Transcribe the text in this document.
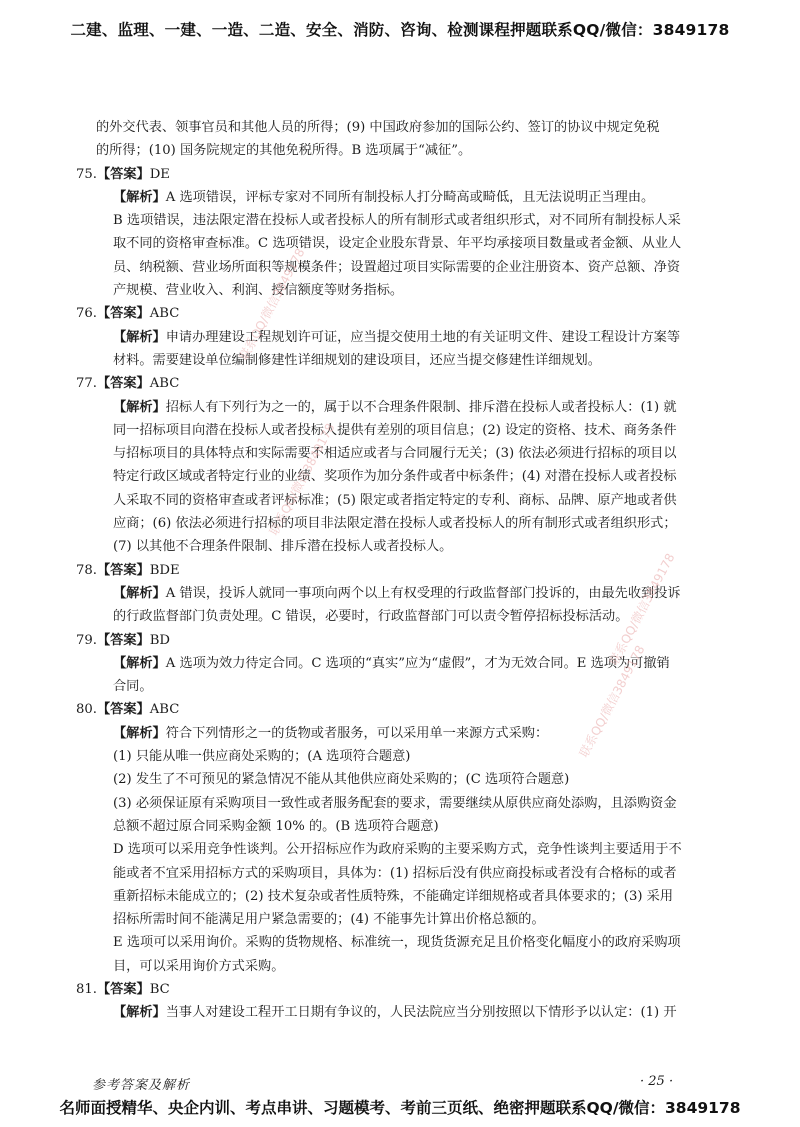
二建、监理、一建、一造、二造、安全、消防、咨询、检测课程押题联系QQ/微信：3849178

的外交代表、领事官员和其他人员的所得；(9) 中国政府参加的国际公约、签订的协议中规定免税

的所得；(10) 国务院规定的其他免税所得。B 选项属于“减征”。

75.【答案】DE

【解析】A 选项错误，评标专家对不同所有制投标人打分畸高或畸低，且无法说明正当理由。

B 选项错误，违法限定潜在投标人或者投标人的所有制形式或者组织形式，对不同所有制投标人采

取不同的资格审查标准。C 选项错误，设定企业股东背景、年平均承接项目数量或者金额、从业人

员、纳税额、营业场所面积等规模条件；设置超过项目实际需要的企业注册资本、资产总额、净资

产规模、营业收入、利润、授信额度等财务指标。

76.【答案】ABC

【解析】申请办理建设工程规划许可证，应当提交使用土地的有关证明文件、建设工程设计方案等

材料。需要建设单位编制修建性详细规划的建设项目，还应当提交修建性详细规划。

77.【答案】ABC

【解析】招标人有下列行为之一的，属于以不合理条件限制、排斥潜在投标人或者投标人：(1) 就

同一招标项目向潜在投标人或者投标人提供有差别的项目信息；(2) 设定的资格、技术、商务条件

与招标项目的具体特点和实际需要不相适应或者与合同履行无关；(3) 依法必须进行招标的项目以

特定行政区域或者特定行业的业绩、奖项作为加分条件或者中标条件；(4) 对潜在投标人或者投标

人采取不同的资格审查或者评标标准；(5) 限定或者指定特定的专利、商标、品牌、原产地或者供

应商；(6) 依法必须进行招标的项目非法限定潜在投标人或者投标人的所有制形式或者组织形式；

(7) 以其他不合理条件限制、排斥潜在投标人或者投标人。

78.【答案】BDE

【解析】A 错误，投诉人就同一事项向两个以上有权受理的行政监督部门投诉的，由最先收到投诉

的行政监督部门负责处理。C 错误，必要时，行政监督部门可以责令暂停招标投标活动。

79.【答案】BD

【解析】A 选项为效力待定合同。C 选项的“真实”应为“虚假”，才为无效合同。E 选项为可撤销

合同。

80.【答案】ABC

【解析】符合下列情形之一的货物或者服务，可以采用单一来源方式采购：

(1) 只能从唯一供应商处采购的；(A 选项符合题意)

(2) 发生了不可预见的紧急情况不能从其他供应商处采购的；(C 选项符合题意)

(3) 必须保证原有采购项目一致性或者服务配套的要求，需要继续从原供应商处添购，且添购资金

总额不超过原合同采购金额 10% 的。(B 选项符合题意)

D 选项可以采用竞争性谈判。公开招标应作为政府采购的主要采购方式，竞争性谈判主要适用于不

能或者不宜采用招标方式的采购项目，具体为：(1) 招标后没有供应商投标或者没有合格标的或者

重新招标未能成立的；(2) 技术复杂或者性质特殊，不能确定详细规格或者具体要求的；(3) 采用

招标所需时间不能满足用户紧急需要的；(4) 不能事先计算出价格总额的。

E 选项可以采用询价。采购的货物规格、标准统一，现货货源充足且价格变化幅度小的政府采购项

目，可以采用询价方式采购。

81.【答案】BC

【解析】当事人对建设工程开工日期有争议的，人民法院应当分别按照以下情形予以认定：(1) 开

联系QQ/微信3849178
联系QQ/微信3849178
联系QQ/微信3849178
联系QQ/微信3849178
参考答案及解析	· 25 ·
名师面授精华、央企内训、考点串讲、习题模考、考前三页纸、绝密押题联系QQ/微信：3849178
